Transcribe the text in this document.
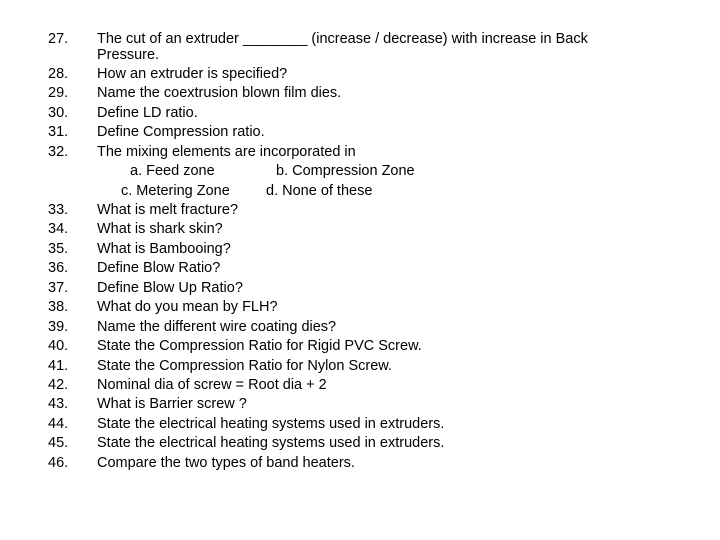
27. The cut of an extruder ________ (increase / decrease) with increase in Back
Pressure.
28. How an extruder is specified?
29. Name the coextrusion blown film dies.
30. Define LD ratio.
31. Define Compression ratio.
32. The mixing elements are incorporated in
a. Feed zone	b. Compression Zone
c. Metering Zone d. None of these
33. What is melt fracture?
34. What is shark skin?
35. What is Bambooing?
36. Define Blow Ratio?
37. Define Blow Up Ratio?
38. What do you mean by FLH?
39. Name the different wire coating dies?
40. State the Compression Ratio for Rigid PVC Screw.
41. State the Compression Ratio for Nylon Screw.
42. Nominal dia of screw = Root dia + 2
43. What is Barrier screw ?
44. State the electrical heating systems used in extruders.
45. State the electrical heating systems used in extruders.
46. Compare the two types of band heaters.
